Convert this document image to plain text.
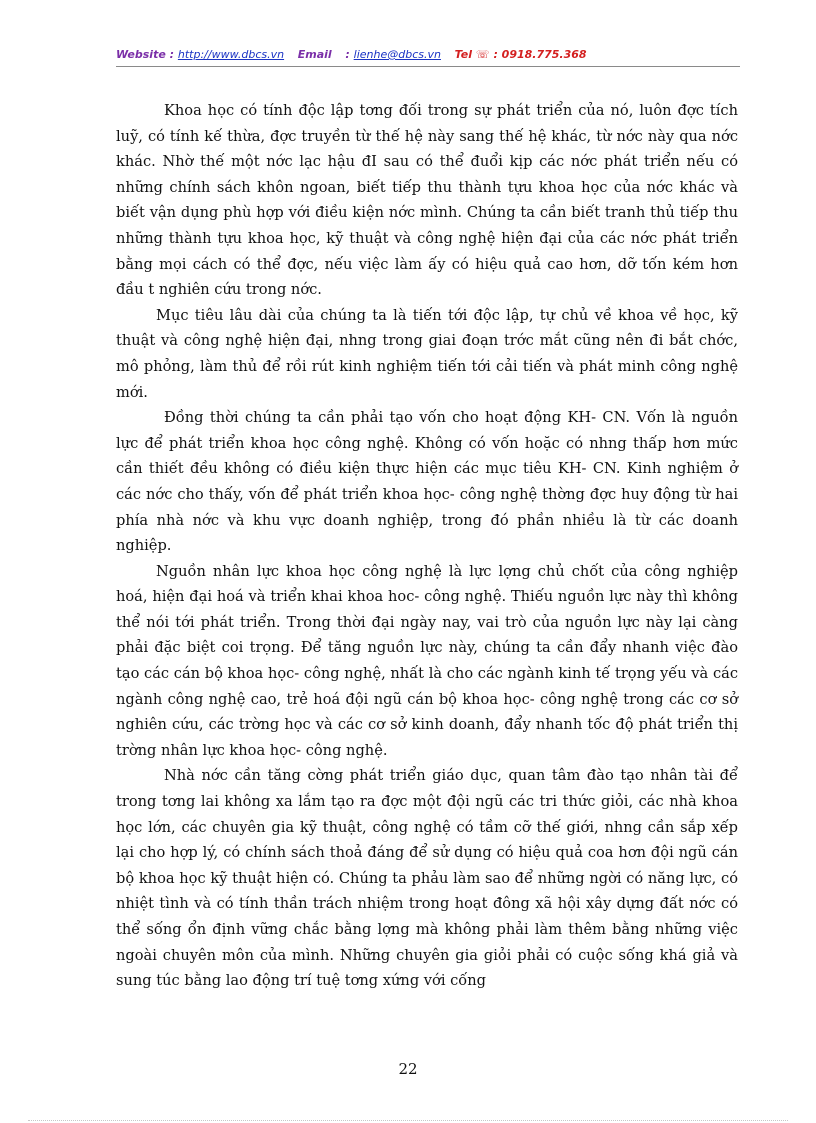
Website : http://www.dbcs.vn Email : lienhe@dbcs.vn Tel ☏ : 0918.775.368

Khoa học có tính độc lập tơng đối trong sự phát triển của nó, luôn đợc tích luỹ, có tính kế thừa, đợc truyền từ thế hệ này sang thế hệ khác, từ nớc này qua nớc khác. Nhờ thế một nớc lạc hậu đI sau có thể đuổi kịp các nớc phát triển nếu có những chính sách khôn ngoan, biết tiếp thu thành tựu khoa học của nớc khác và biết vận dụng phù hợp với điều kiện nớc mình. Chúng ta cần biết tranh thủ tiếp thu những thành tựu khoa học, kỹ thuật và công nghệ hiện đại của các nớc phát triển bằng mọi cách có thể đợc, nếu việc làm ấy có hiệu quả cao hơn, dỡ tốn kém hơn đầu t nghiên cứu trong nớc.

Mục tiêu lâu dài của chúng ta là tiến tới độc lập, tự chủ về khoa về học, kỹ thuật và công nghệ hiện đại, nhng trong giai đoạn trớc mắt cũng nên đi bắt chớc, mô phỏng, làm thủ để rồi rút kinh nghiệm tiến tới cải tiến và phát minh công nghệ mới.

Đồng thời chúng ta cần phải tạo vốn cho hoạt động KH- CN. Vốn là nguồn lực để phát triển khoa học công nghệ. Không có vốn hoặc có nhng thấp hơn mức cần thiết đều không có điều kiện thực hiện các mục tiêu KH- CN. Kinh nghiệm ở các nớc cho thấy, vốn để phát triển khoa học- công nghệ thờng đợc huy động từ hai phía nhà nớc và khu vực doanh nghiệp, trong đó phần nhiều là từ các doanh nghiệp.

Nguồn nhân lực khoa học công nghệ là lực lợng chủ chốt của công nghiệp hoá, hiện đại hoá và triển khai khoa hoc- công nghệ. Thiếu nguồn lực này thì không thể nói tới phát triển. Trong thời đại ngày nay, vai trò của nguồn lực này lại càng phải đặc biệt coi trọng. Để tăng nguồn lực này, chúng ta cần đẩy nhanh việc đào tạo các cán bộ khoa học- công nghệ, nhất là cho các ngành kinh tế trọng yếu và các ngành công nghệ cao, trẻ hoá đội ngũ cán bộ khoa học- công nghệ trong các cơ sở nghiên cứu, các trờng học và các cơ sở kinh doanh, đẩy nhanh tốc độ phát triển thị trờng nhân lực khoa học- công nghệ.

Nhà nớc cần tăng cờng phát triển giáo dục, quan tâm đào tạo nhân tài để trong tơng lai không xa lắm tạo ra đợc một đội ngũ các tri thức giỏi, các nhà khoa học lớn, các chuyên gia kỹ thuật, công nghệ có tầm cỡ thế giới, nhng cần sắp xếp lại cho hợp lý, có chính sách thoả đáng để sử dụng có hiệu quả coa hơn đội ngũ cán bộ khoa học kỹ thuật hiện có. Chúng ta phảu làm sao để những ngời có năng lực, có nhiệt tình và có tính thần trách nhiệm trong hoạt đông xã hội xây dựng đất nớc có thể sống ổn định vững chắc bằng lợng mà không phải làm thêm bằng những việc ngoài chuyên môn của mình. Những chuyên gia giỏi phải có cuộc sống khá giả và sung túc bằng lao động trí tuệ tơng xứng với cống

22
